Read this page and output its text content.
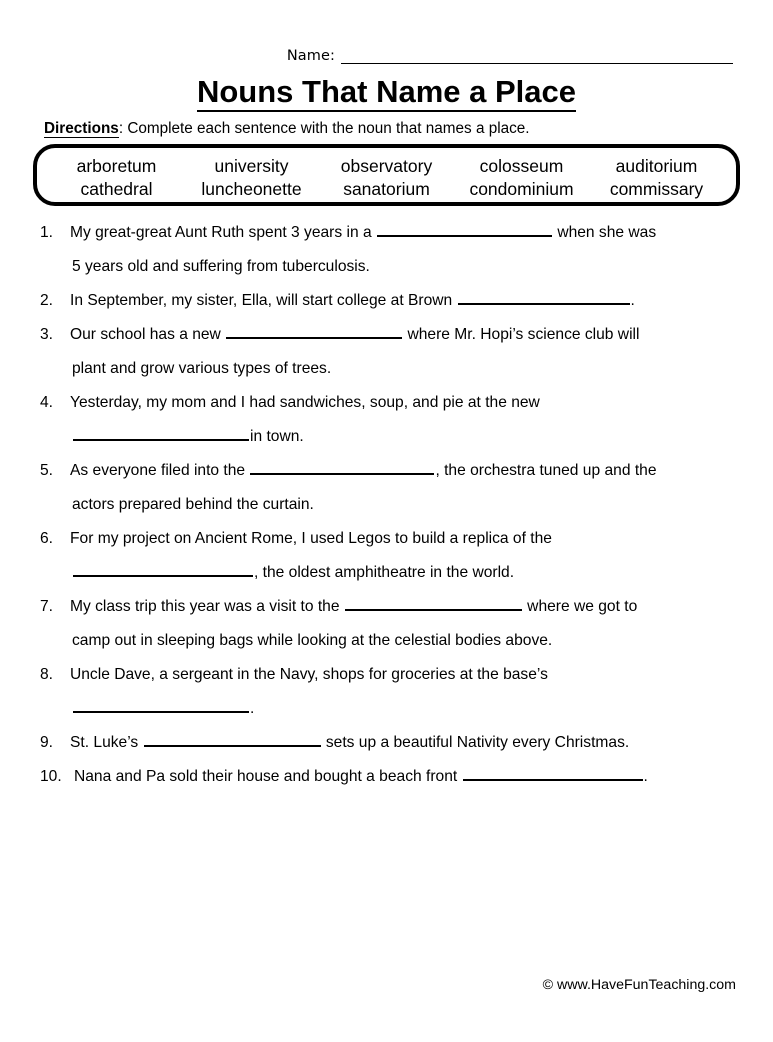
Name:
Nouns That Name a Place
Directions: Complete each sentence with the noun that names a place.
arboretum	university	observatory	colosseum	auditorium
cathedral	luncheonette	sanatorium	condominium	commissary
1.	My great-great Aunt Ruth spent 3 years in a	when she was
5 years old and suffering from tuberculosis.
2.	In September, my sister, Ella, will start college at Brown	.
3.	Our school has a new	where Mr. Hopi’s science club will
plant and grow various types of trees.
4.	Yesterday, my mom and I had sandwiches, soup, and pie at the new
in town.
5.	As everyone filed into the	, the orchestra tuned up and the
actors prepared behind the curtain.
6.	For my project on Ancient Rome, I used Legos to build a replica of the
, the oldest amphitheatre in the world.
7.	My class trip this year was a visit to the	where we got to
camp out in sleeping bags while looking at the celestial bodies above.
8.	Uncle Dave, a sergeant in the Navy, shops for groceries at the base’s
.
9.	St. Luke’s	sets up a beautiful Nativity every Christmas.
10. Nana and Pa sold their house and bought a beach front	.
© www.HaveFunTeaching.com
